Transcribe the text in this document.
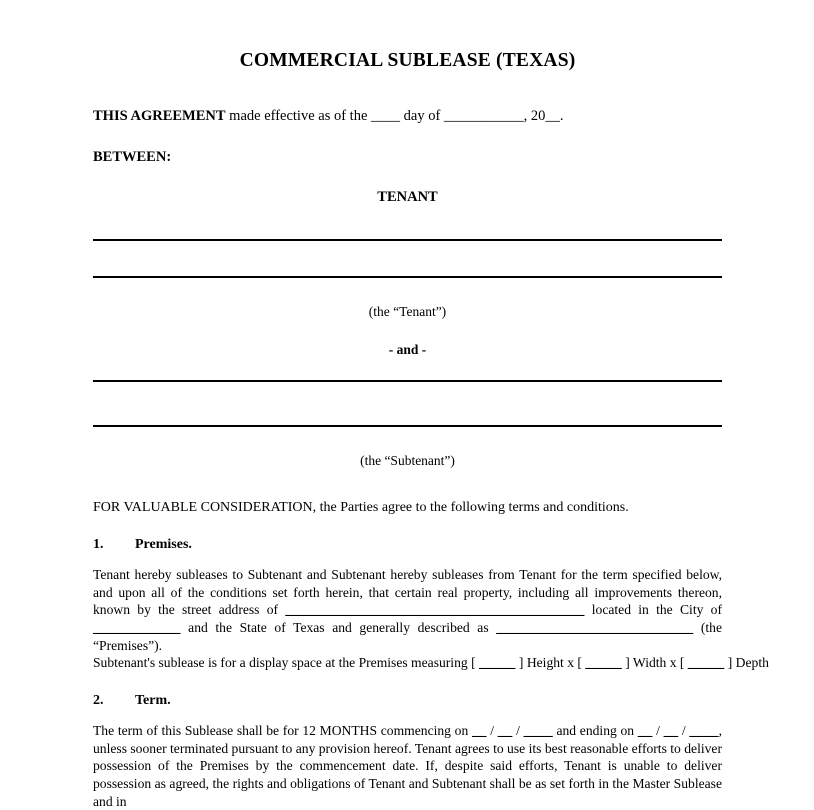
COMMERCIAL SUBLEASE (TEXAS)

THIS AGREEMENT made effective as of the ____ day of ___________, 20__.

BETWEEN:

TENANT

(the “Tenant”)

- and -

(the “Subtenant”)

FOR VALUABLE CONSIDERATION, the Parties agree to the following terms and conditions.

1.	Premises.
Tenant hereby subleases to Subtenant and Subtenant hereby subleases from Tenant for the term specified below, and upon all of the conditions set forth herein, that certain real property, including all improvements thereon, known by the street address of _________________________________________ located in the City of ____________ and the State of Texas and generally described as ___________________________ (the “Premises”).
Subtenant's sublease is for a display space at the Premises measuring [ _____ ] Height x [ _____ ] Width x [ _____ ] Depth
2.	Term.
The term of this Sublease shall be for 12 MONTHS commencing on __ / __ / ____ and ending on __ / __ / ____, unless sooner terminated pursuant to any provision hereof. Tenant agrees to use its best reasonable efforts to deliver possession of the Premises by the commencement date. If, despite said efforts, Tenant is unable to deliver possession as agreed, the rights and obligations of Tenant and Subtenant shall be as set forth in the Master Sublease and in
